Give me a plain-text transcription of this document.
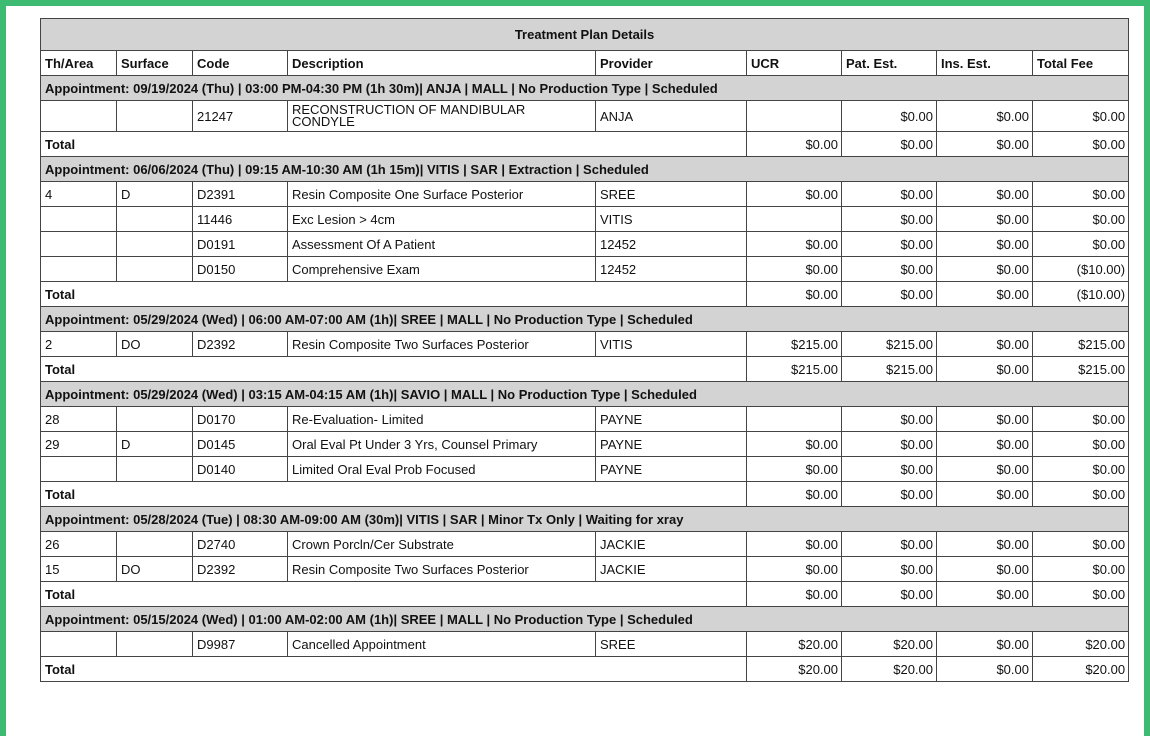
Treatment Plan Details								
Th/Area	Surface	Code	Description	Provider	UCR	Pat. Est.	Ins. Est.	Total Fee
Appointment: 09/19/2024 (Thu) | 03:00 PM-04:30 PM (1h 30m)| ANJA | MALL | No Production Type | Scheduled								
		21247	RECONSTRUCTION OF MANDIBULAR CONDYLE	ANJA		$0.00	$0.00	$0.00
Total					$0.00	$0.00	$0.00	$0.00
Appointment: 06/06/2024 (Thu) | 09:15 AM-10:30 AM (1h 15m)| VITIS | SAR | Extraction | Scheduled								
4	D	D2391	Resin Composite One Surface Posterior	SREE	$0.00	$0.00	$0.00	$0.00
		11446	Exc Lesion > 4cm	VITIS		$0.00	$0.00	$0.00
		D0191	Assessment Of A Patient	12452	$0.00	$0.00	$0.00	$0.00
		D0150	Comprehensive Exam	12452	$0.00	$0.00	$0.00	($10.00)
Total					$0.00	$0.00	$0.00	($10.00)
Appointment: 05/29/2024 (Wed) | 06:00 AM-07:00 AM (1h)| SREE | MALL | No Production Type | Scheduled								
2	DO	D2392	Resin Composite Two Surfaces Posterior	VITIS	$215.00	$215.00	$0.00	$215.00
Total					$215.00	$215.00	$0.00	$215.00
Appointment: 05/29/2024 (Wed) | 03:15 AM-04:15 AM (1h)| SAVIO | MALL | No Production Type | Scheduled								
28		D0170	Re-Evaluation- Limited	PAYNE		$0.00	$0.00	$0.00
29	D	D0145	Oral Eval Pt Under 3 Yrs, Counsel Primary	PAYNE	$0.00	$0.00	$0.00	$0.00
		D0140	Limited Oral Eval Prob Focused	PAYNE	$0.00	$0.00	$0.00	$0.00
Total					$0.00	$0.00	$0.00	$0.00
Appointment: 05/28/2024 (Tue) | 08:30 AM-09:00 AM (30m)| VITIS | SAR | Minor Tx Only | Waiting for xray								
26		D2740	Crown Porcln/Cer Substrate	JACKIE	$0.00	$0.00	$0.00	$0.00
15	DO	D2392	Resin Composite Two Surfaces Posterior	JACKIE	$0.00	$0.00	$0.00	$0.00
Total					$0.00	$0.00	$0.00	$0.00
Appointment: 05/15/2024 (Wed) | 01:00 AM-02:00 AM (1h)| SREE | MALL | No Production Type | Scheduled								
		D9987	Cancelled Appointment	SREE	$20.00	$20.00	$0.00	$20.00
Total					$20.00	$20.00	$0.00	$20.00
